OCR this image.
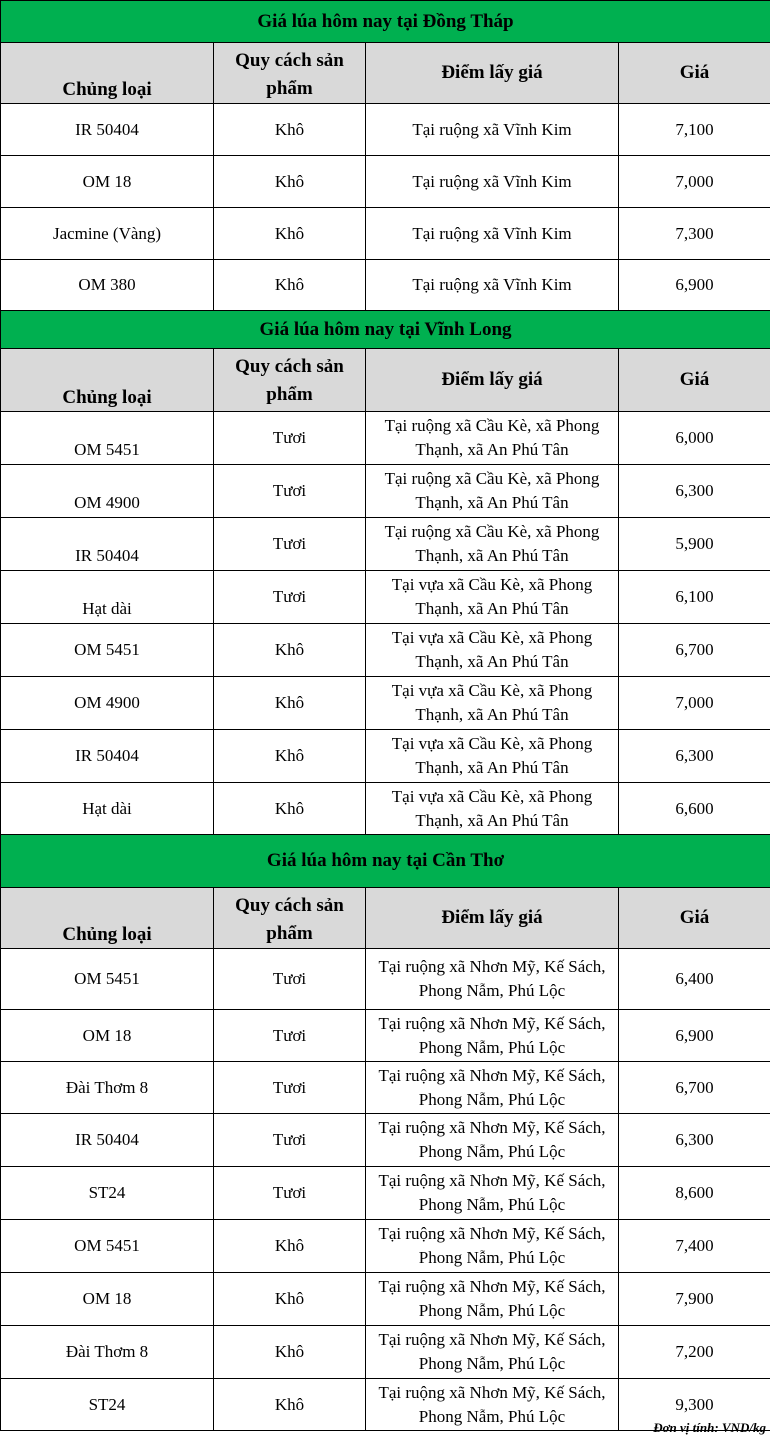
Giá lúa hôm nay tại Đồng Tháp			
Chủng loại	Quy cách sản phẩm	Điểm lấy giá	Giá
IR 50404	Khô	Tại ruộng xã Vĩnh Kim	7,100
OM 18	Khô	Tại ruộng xã Vĩnh Kim	7,000
Jacmine (Vàng)	Khô	Tại ruộng xã Vĩnh Kim	7,300
OM 380	Khô	Tại ruộng xã Vĩnh Kim	6,900
Giá lúa hôm nay tại Vĩnh Long			
Chủng loại	Quy cách sản phẩm	Điểm lấy giá	Giá
OM 5451	Tươi	Tại ruộng xã Cầu Kè, xã Phong Thạnh, xã An Phú Tân	6,000
OM 4900	Tươi	Tại ruộng xã Cầu Kè, xã Phong Thạnh, xã An Phú Tân	6,300
IR 50404	Tươi	Tại ruộng xã Cầu Kè, xã Phong Thạnh, xã An Phú Tân	5,900
Hạt dài	Tươi	Tại vựa xã Cầu Kè, xã Phong Thạnh, xã An Phú Tân	6,100
OM 5451	Khô	Tại vựa xã Cầu Kè, xã Phong Thạnh, xã An Phú Tân	6,700
OM 4900	Khô	Tại vựa xã Cầu Kè, xã Phong Thạnh, xã An Phú Tân	7,000
IR 50404	Khô	Tại vựa xã Cầu Kè, xã Phong Thạnh, xã An Phú Tân	6,300
Hạt dài	Khô	Tại vựa xã Cầu Kè, xã Phong Thạnh, xã An Phú Tân	6,600
Giá lúa hôm nay tại Cần Thơ			
Chủng loại	Quy cách sản phẩm	Điểm lấy giá	Giá
OM 5451	Tươi	Tại ruộng xã Nhơn Mỹ, Kế Sách, Phong Nẫm, Phú Lộc	6,400
OM 18	Tươi	Tại ruộng xã Nhơn Mỹ, Kế Sách, Phong Nẫm, Phú Lộc	6,900
Đài Thơm 8	Tươi	Tại ruộng xã Nhơn Mỹ, Kế Sách, Phong Nẫm, Phú Lộc	6,700
IR 50404	Tươi	Tại ruộng xã Nhơn Mỹ, Kế Sách, Phong Nẫm, Phú Lộc	6,300
ST24	Tươi	Tại ruộng xã Nhơn Mỹ, Kế Sách, Phong Nẫm, Phú Lộc	8,600
OM 5451	Khô	Tại ruộng xã Nhơn Mỹ, Kế Sách, Phong Nẫm, Phú Lộc	7,400
OM 18	Khô	Tại ruộng xã Nhơn Mỹ, Kế Sách, Phong Nẫm, Phú Lộc	7,900
Đài Thơm 8	Khô	Tại ruộng xã Nhơn Mỹ, Kế Sách, Phong Nẫm, Phú Lộc	7,200
ST24	Khô	Tại ruộng xã Nhơn Mỹ, Kế Sách, Phong Nẫm, Phú Lộc	9,300
Đơn vị tính: VND/kg
